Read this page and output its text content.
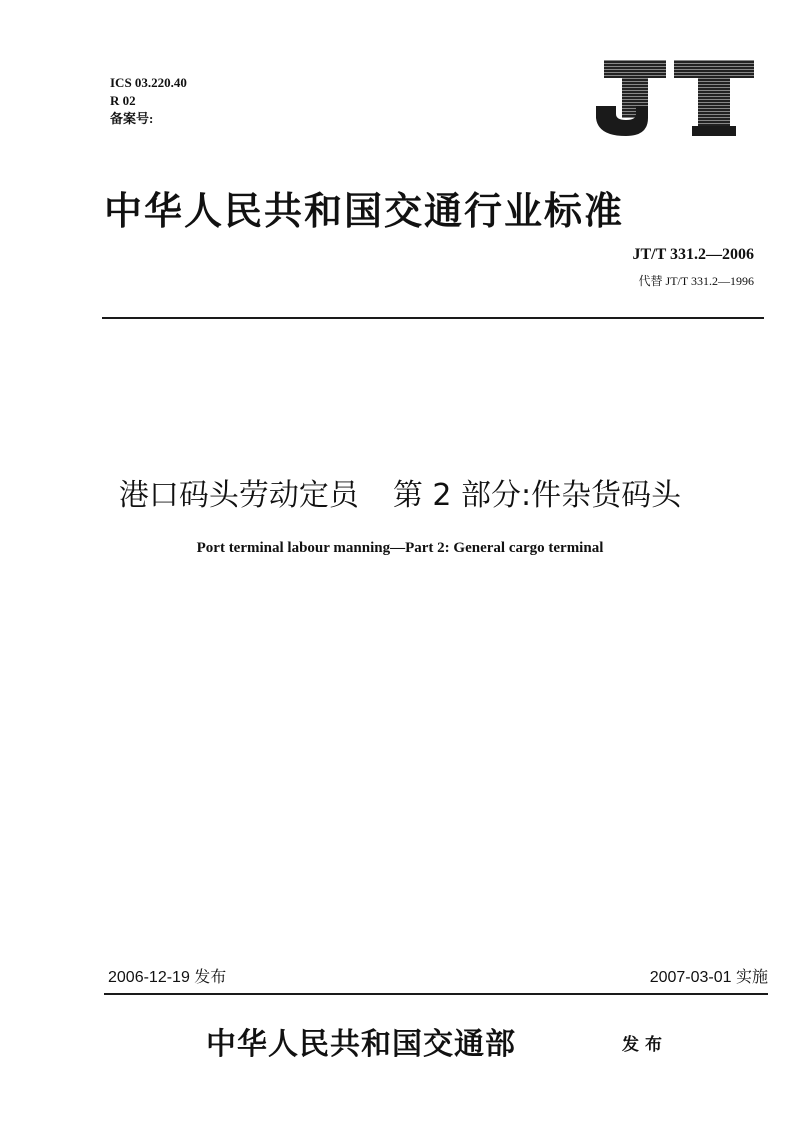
ICS 03.220.40
R 02
备案号:
中华人民共和国交通行业标准
JT/T 331.2—2006
代替 JT/T 331.2—1996
港口码头劳动定员 第 2 部分:件杂货码头
Port terminal labour manning—Part 2: General cargo terminal
2006-12-19 发布	2007-03-01 实施
中华人民共和国交通部	发布
